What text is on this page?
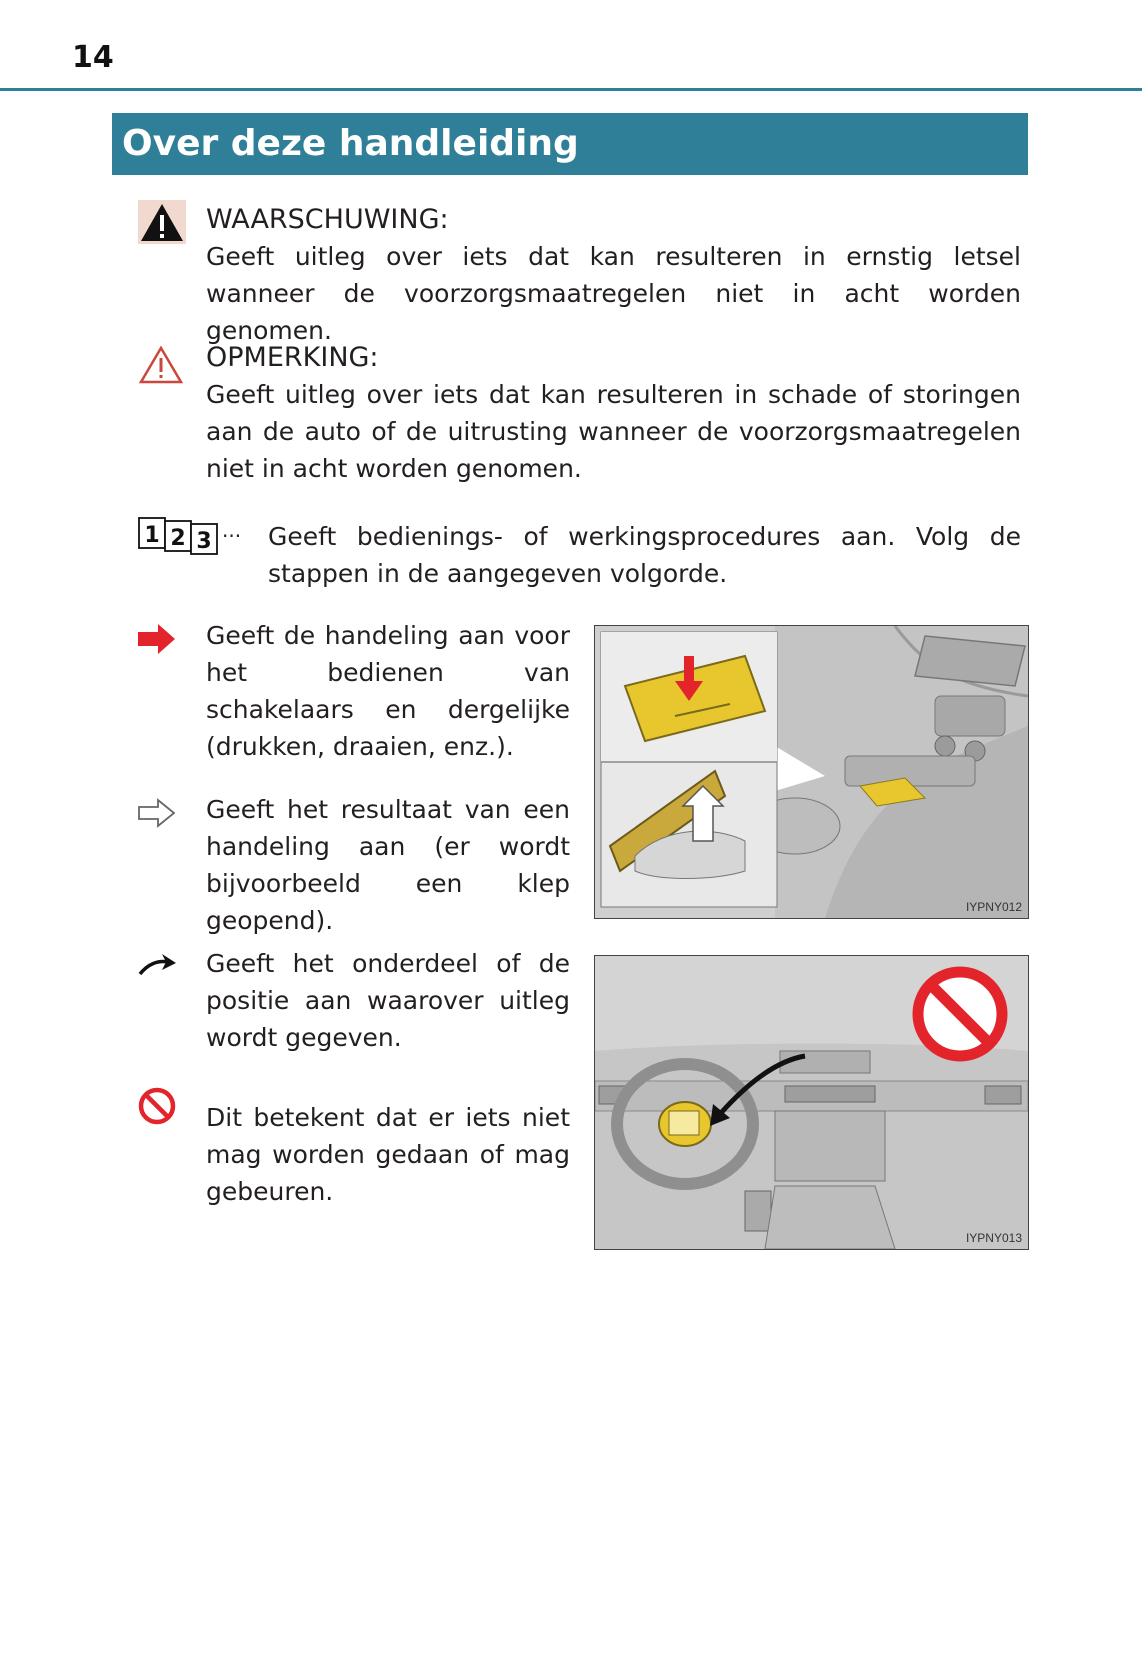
14
Over deze handleiding
WAARSCHUWING:
Geeft uitleg over iets dat kan resulteren in ernstig letsel wanneer de voorzorgsmaatregelen niet in acht worden genomen.
OPMERKING:
Geeft uitleg over iets dat kan resulteren in schade of storingen aan de auto of de uitrusting wanneer de voorzorgsmaatregelen niet in acht worden genomen.
1 2 3 ··· Geeft bedienings- of werkingsprocedures aan. Volg de stappen in de aangegeven volgorde.
Geeft de handeling aan voor het bedienen van schakelaars en dergelijke (drukken, draaien, enz.).
Geeft het resultaat van een handeling aan (er wordt bijvoorbeeld een klep geopend).
Geeft het onderdeel of de positie aan waarover uitleg wordt gegeven.
Dit betekent dat er iets niet mag worden gedaan of mag gebeuren.
IYPNY012
IYPNY013
